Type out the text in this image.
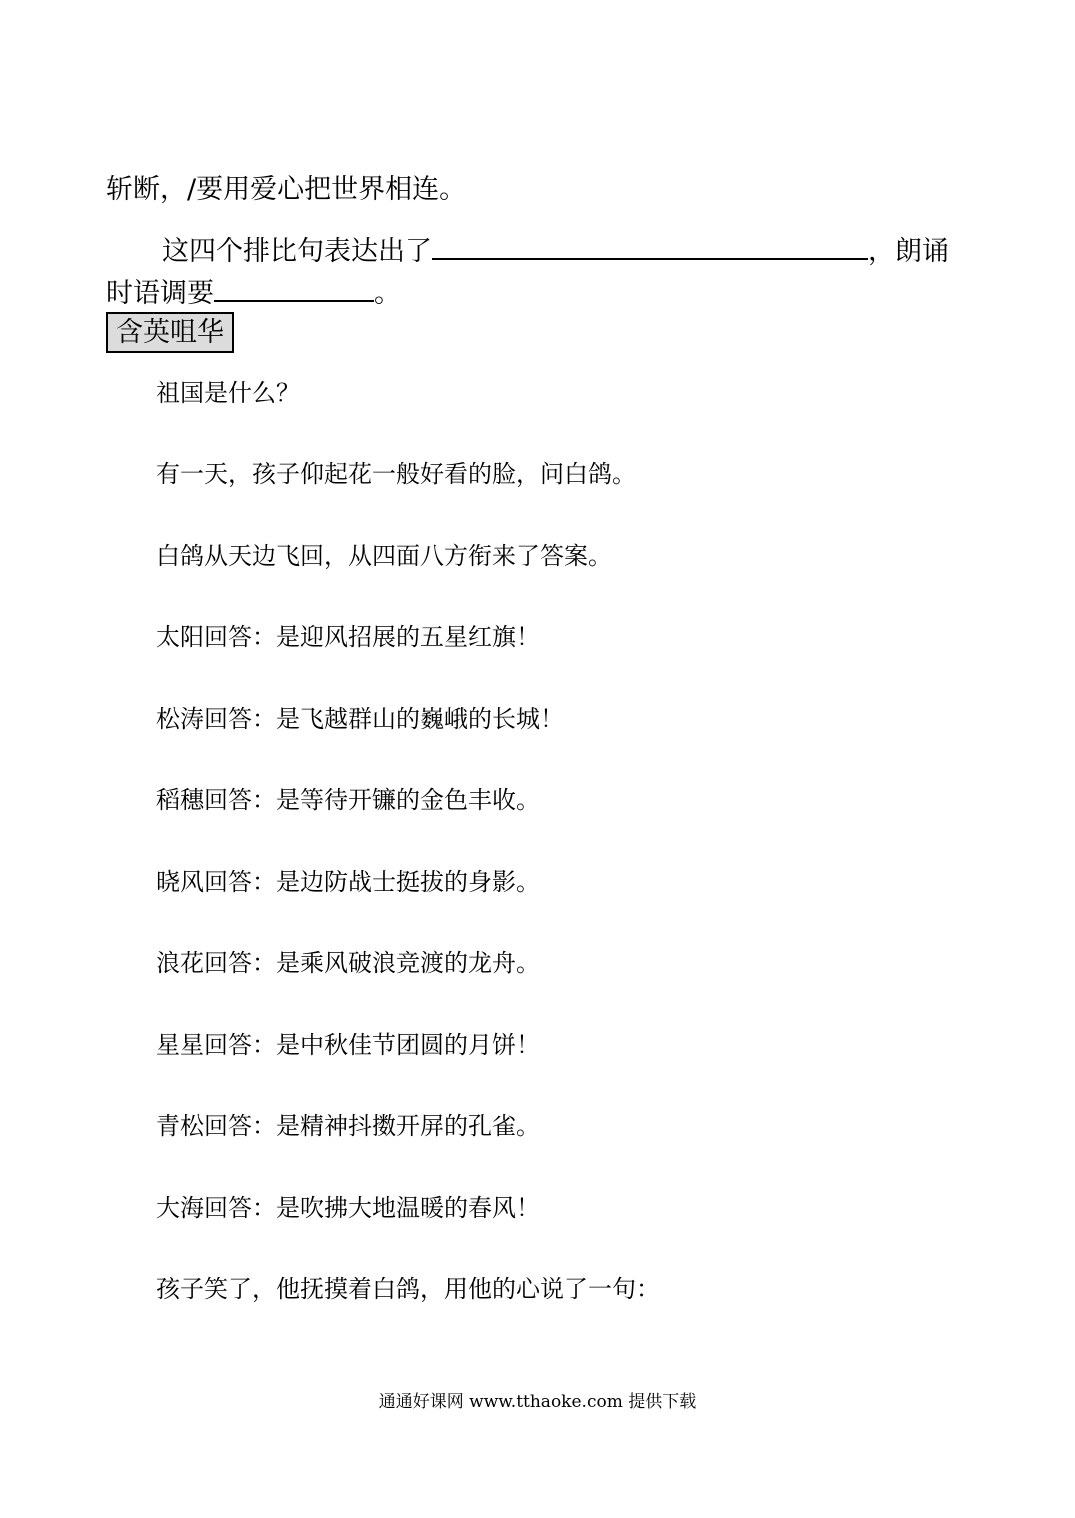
斩断，/要用爱心把世界相连。
这四个排比句表达出了	，朗诵
时语调要	。
含英咀华
祖国是什么？
有一天，孩子仰起花一般好看的脸，问白鸽。
白鸽从天边飞回，从四面八方衔来了答案。
太阳回答：是迎风招展的五星红旗！
松涛回答：是飞越群山的巍峨的长城！
稻穗回答：是等待开镰的金色丰收。
晓风回答：是边防战士挺拔的身影。
浪花回答：是乘风破浪竞渡的龙舟。
星星回答：是中秋佳节团圆的月饼！
青松回答：是精神抖擞开屏的孔雀。
大海回答：是吹拂大地温暖的春风！
孩子笑了，他抚摸着白鸽，用他的心说了一句：
通通好课网 www.tthaoke.com 提供下载
